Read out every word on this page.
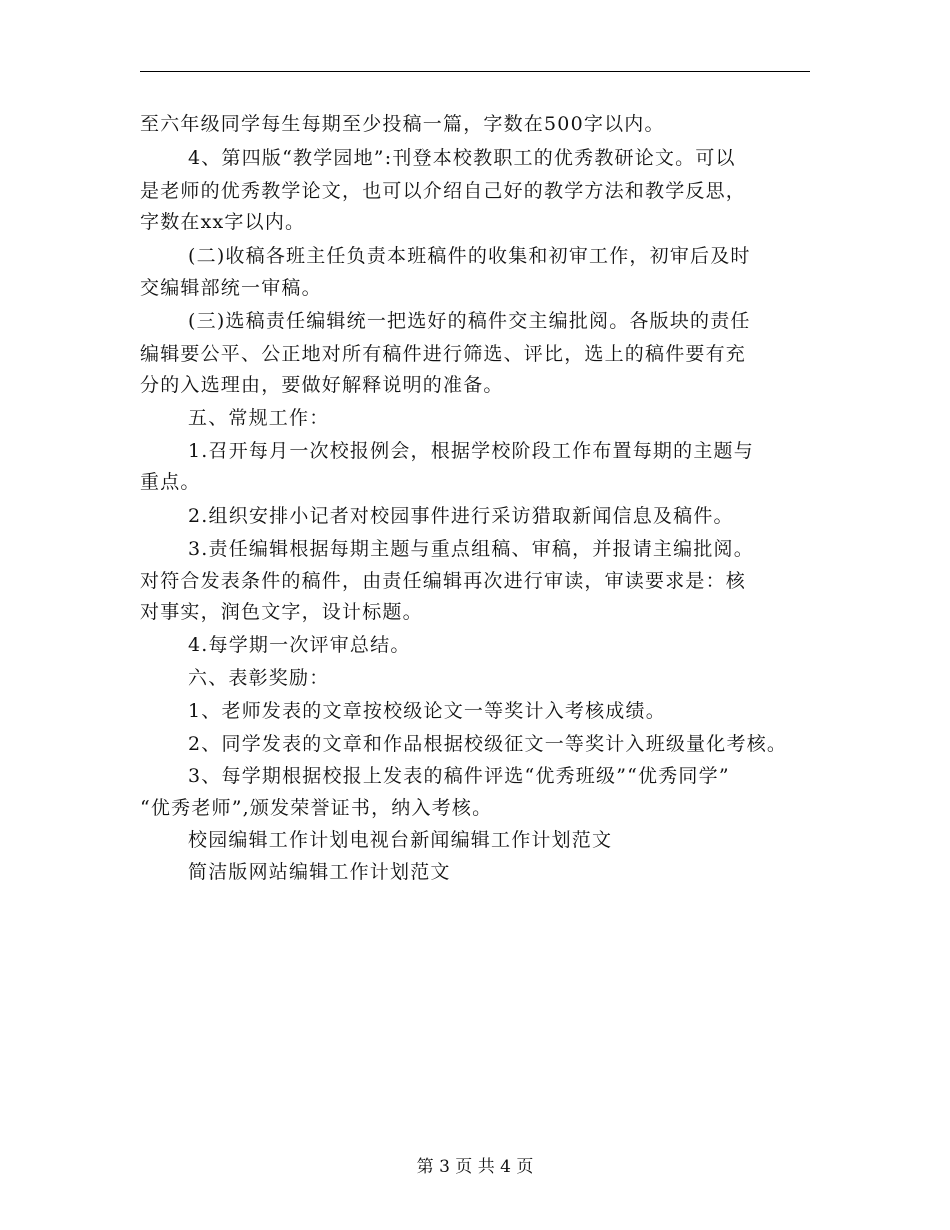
至六年级同学每生每期至少投稿一篇，字数在500字以内。
4、第四版“教学园地”:刊登本校教职工的优秀教研论文。可以
是老师的优秀教学论文，也可以介绍自己好的教学方法和教学反思，
字数在xx字以内。
(二)收稿各班主任负责本班稿件的收集和初审工作，初审后及时
交编辑部统一审稿。
(三)选稿责任编辑统一把选好的稿件交主编批阅。各版块的责任
编辑要公平、公正地对所有稿件进行筛选、评比，选上的稿件要有充
分的入选理由，要做好解释说明的准备。
五、常规工作：
1.召开每月一次校报例会，根据学校阶段工作布置每期的主题与
重点。
2.组织安排小记者对校园事件进行采访猎取新闻信息及稿件。
3.责任编辑根据每期主题与重点组稿、审稿，并报请主编批阅。
对符合发表条件的稿件，由责任编辑再次进行审读，审读要求是：核
对事实，润色文字，设计标题。
4.每学期一次评审总结。
六、表彰奖励：
1、老师发表的文章按校级论文一等奖计入考核成绩。
2、同学发表的文章和作品根据校级征文一等奖计入班级量化考核。
3、每学期根据校报上发表的稿件评选“优秀班级”“优秀同学”
“优秀老师”,颁发荣誉证书，纳入考核。
校园编辑工作计划电视台新闻编辑工作计划范文
简洁版网站编辑工作计划范文
第 3 页 共 4 页
